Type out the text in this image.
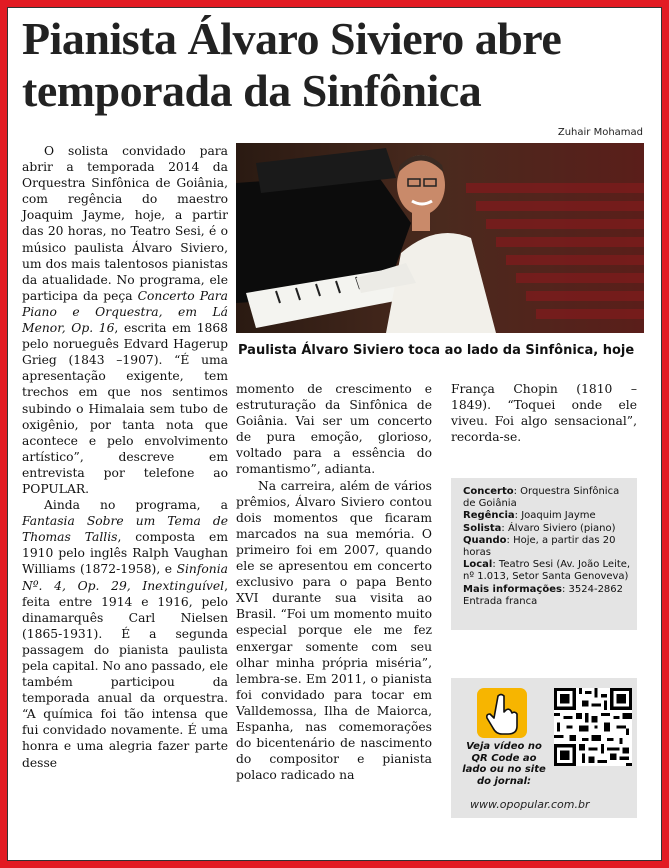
Pianista Álvaro Siviero abre temporada da Sinfônica
Zuhair Mohamad

O solista convidado para abrir a temporada 2014 da Orquestra Sinfônica de Goiânia, com regência do maestro Joaquim Jayme, hoje, a partir das 20 horas, no Teatro Sesi, é o músico paulista Álvaro Siviero, um dos mais talentosos pianistas da atualidade. No programa, ele participa da peça Concerto Para Piano e Orquestra, em Lá Menor, Op. 16, escrita em 1868 pelo norueguês Edvard Hagerup Grieg (1843 –1907). “É uma apresentação exigente, tem trechos em que nos sentimos subindo o Himalaia sem tubo de oxigênio, por tanta nota que acontece e pelo envolvimento artístico”, descreve em entrevista por telefone ao POPULAR.

Ainda no programa, a Fantasia Sobre um Tema de Thomas Tallis, composta em 1910 pelo inglês Ralph Vaughan Williams (1872-1958), e Sinfonia Nº. 4, Op. 29, Inextinguível, feita entre 1914 e 1916, pelo dinamarquês Carl Nielsen (1865-1931). É a segunda passagem do pianista paulista pela capital. No ano passado, ele também participou da temporada anual da orquestra. “A química foi tão intensa que fui convidado novamente. É uma honra e uma alegria fazer parte desse

Paulista Álvaro Siviero toca ao lado da Sinfônica, hoje

momento de crescimento e estruturação da Sinfônica de Goiânia. Vai ser um concerto de pura emoção, glorioso, voltado para a essência do romantismo”, adianta.

Na carreira, além de vários prêmios, Álvaro Siviero contou dois momentos que ficaram marcados na sua memória. O primeiro foi em 2007, quando ele se apresentou em concerto exclusivo para o papa Bento XVI durante sua visita ao Brasil. “Foi um momento muito especial porque ele me fez enxergar somente com seu olhar minha própria miséria”, lembra-se. Em 2011, o pianista foi convidado para tocar em Valldemossa, Ilha de Maiorca, Espanha, nas comemorações do bicentenário de nascimento do compositor e pianista polaco radicado na

França Chopin (1810 – 1849). “Toquei onde ele viveu. Foi algo sensacional”, recorda-se.

Concerto: Orquestra Sinfônica de Goiânia
Regência: Joaquim Jayme
Solista: Álvaro Siviero (piano)
Quando: Hoje, a partir das 20 horas
Local: Teatro Sesi (Av. João Leite, nº 1.013, Setor Santa Genoveva)
Mais informações: 3524-2862
Entrada franca
Veja vídeo no QR Code ao lado ou no site do jornal:
www.opopular.com.br
